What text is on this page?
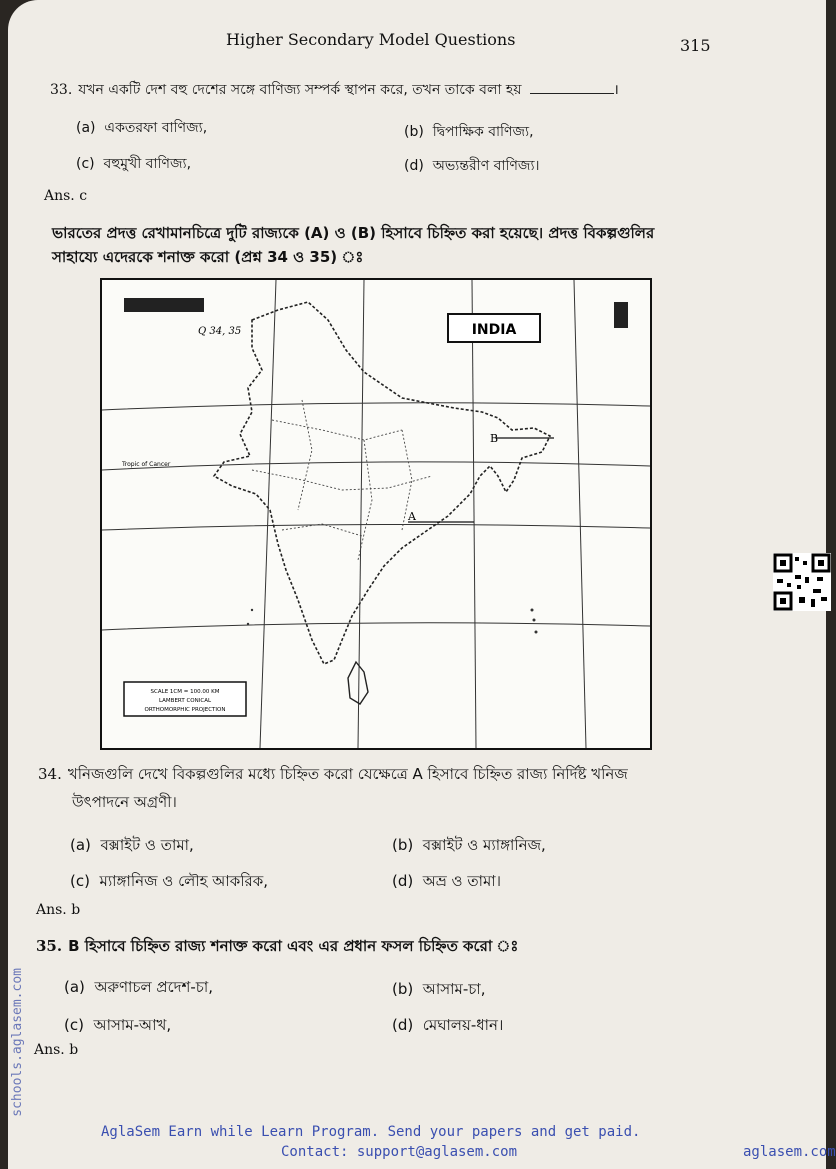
Higher Secondary Model Questions	315
33. যখন একটি দেশ বহু দেশের সঙ্গে বাণিজ্য সম্পর্ক স্থাপন করে, তখন তাকে বলা হয়	।
(a) একতরফা বাণিজ্য,	(b) দ্বিপাক্ষিক বাণিজ্য,
(c) বহুমুখী বাণিজ্য,	(d) অভ্যন্তরীণ বাণিজ্য।
Ans. c
ভারতের প্রদত্ত রেখামানচিত্রে দুটি রাজ্যকে (A) ও (B) হিসাবে চিহ্নিত করা হয়েছে। প্রদত্ত বিকল্পগুলির
সাহায্যে এদেরকে শনাক্ত করো (প্রশ্ন 34 ও 35) ঃ
B
A
Tropic of Cancer
Q 34, 35	INDIA
SCALE 1CM = 100.00 KM
LAMBERT CONICAL
ORTHOMORPHIC PROJECTION
34. খনিজগুলি দেখে বিকল্পগুলির মধ্যে চিহ্নিত করো যেক্ষেত্রে A হিসাবে চিহ্নিত রাজ্য নির্দিষ্ট খনিজ
উৎপাদনে অগ্রণী।
(a) বক্সাইট ও তামা,	(b) বক্সাইট ও ম্যাঙ্গানিজ,
(c) ম্যাঙ্গানিজ ও লৌহ আকরিক,	(d) অভ্র ও তামা।
Ans. b
35. B হিসাবে চিহ্নিত রাজ্য শনাক্ত করো এবং এর প্রধান ফসল চিহ্নিত করো ঃ
(a) অরুণাচল প্রদেশ-চা,	(b) আসাম-চা,
(c) আসাম-আখ,	(d) মেঘালয়-ধান।
Ans. b
schools.aglasem.com
AglaSem Earn while Learn Program. Send your papers and get paid.
Contact: support@aglasem.com	aglasem.com
